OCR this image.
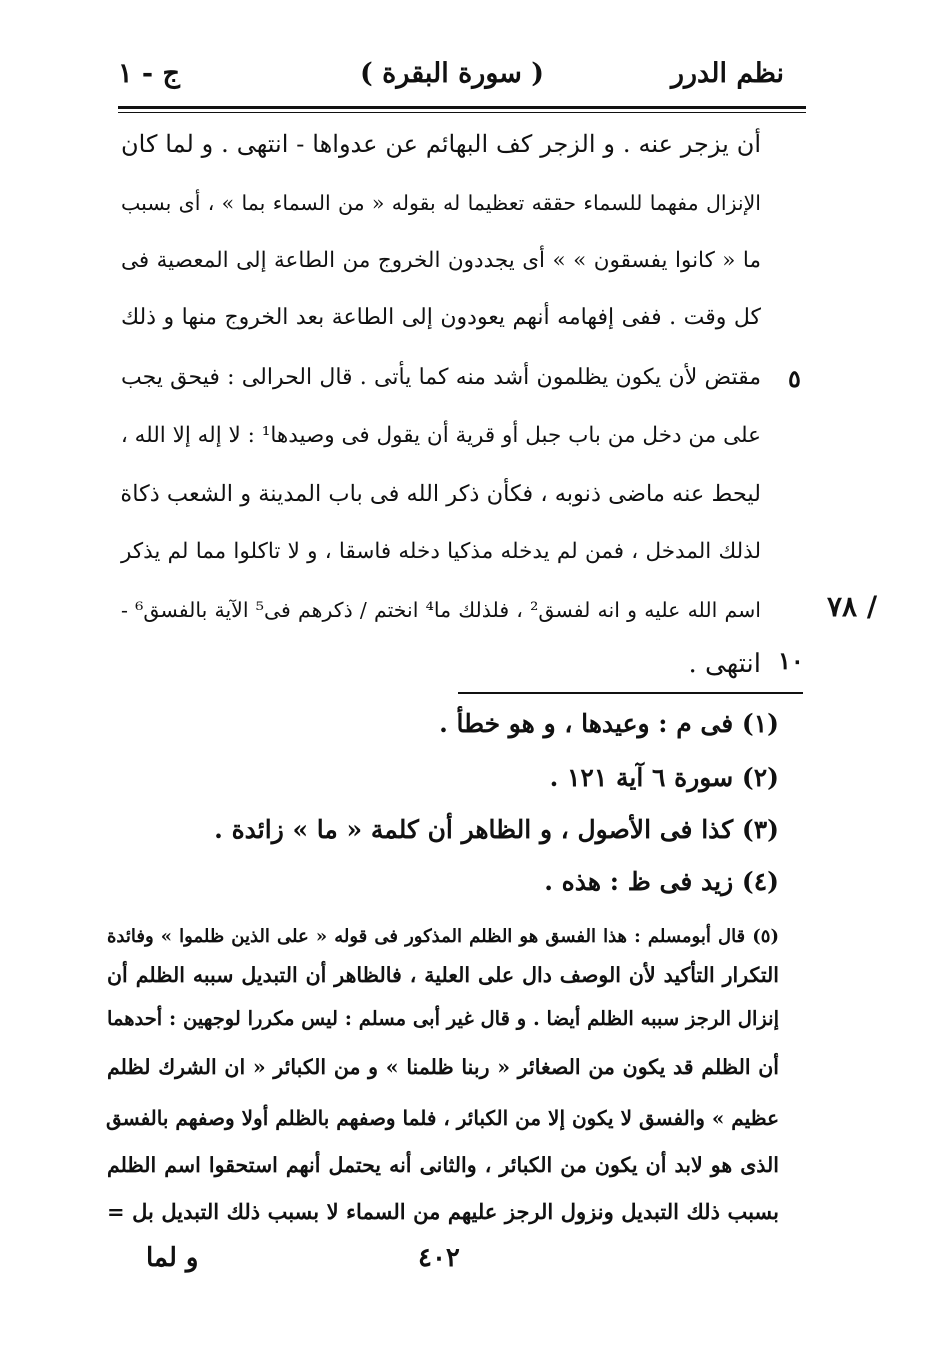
نظم الدرر
( سورة البقرة )
ج - ١
أن يزجر عنه . و الزجر كف البهائم عن عدواها - انتهى . و لما كان
الإنزال مفهما للسماء حققه تعظيما له بقوله « من السماء بما » ، أى بسبب
ما « كانوا يفسقون » » أى يجددون الخروج من الطاعة إلى المعصية فى
كل وقت . ففى إفهامه أنهم يعودون إلى الطاعة بعد الخروج منها و ذلك
مقتض لأن يكون يظلمون أشد منه كما يأتى . قال الحرالى : فيحق يجب
على من دخل من باب جبل أو قرية أن يقول فى وصيدها¹ : لا إله إلا الله ،
ليحط عنه ماضى ذنوبه ، فكأن ذكر الله فى باب المدينة و الشعب ذكاة
لذلك المدخل ، فمن لم يدخله مذكيا دخله فاسقا ، و لا تاكلوا مما لم يذكر
اسم الله عليه و انه لفسق² ، فلذلك ما⁴ انختم / ذكرهم فى⁵ الآية بالفسق⁶ -
انتهى .
٥
١٠
٧٨ /
(١) فى م : وعيدها ، و هو خطأ .
(٢) سورة ٦ آية ١٢١ .
(٣) كذا فى الأصول ، و الظاهر أن كلمة « ما » زائدة .
(٤) زيد فى ظ : هذه .
(٥) قال أبومسلم : هذا الفسق هو الظلم المذكور فى قوله « على الذين ظلموا » وفائدة
التكرار التأكيد لأن الوصف دال على العلية ، فالظاهر أن التبديل سببه الظلم أن
إنزال الرجز سببه الظلم أيضا . و قال غير أبى مسلم : ليس مكررا لوجهين : أحدهما
أن الظلم قد يكون من الصغائر « ربنا ظلمنا » و من الكبائر « ان الشرك لظلم
عظيم » والفسق لا يكون إلا من الكبائر ، فلما وصفهم بالظلم أولا وصفهم بالفسق
الذى هو لابد أن يكون من الكبائر ، والثانى أنه يحتمل أنهم استحقوا اسم الظلم
بسبب ذلك التبديل ونزول الرجز عليهم من السماء لا بسبب ذلك التبديل بل =
٤٠٢
و لما
